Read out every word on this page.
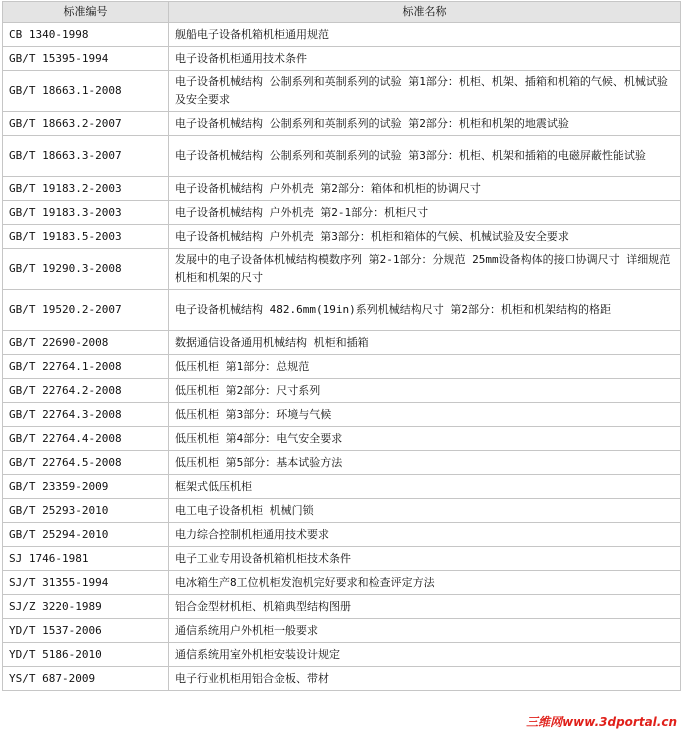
标准编号	标准名称
CB 1340-1998	舰船电子设备机箱机柜通用规范
GB/T 15395-1994	电子设备机柜通用技术条件
GB/T 18663.1-2008	电子设备机械结构 公制系列和英制系列的试验 第1部分：机柜、机架、插箱和机箱的气候、机械试验及安全要求
GB/T 18663.2-2007	电子设备机械结构 公制系列和英制系列的试验 第2部分：机柜和机架的地震试验
GB/T 18663.3-2007	电子设备机械结构 公制系列和英制系列的试验 第3部分：机柜、机架和插箱的电磁屏蔽性能试验
GB/T 19183.2-2003	电子设备机械结构 户外机壳 第2部分：箱体和机柜的协调尺寸
GB/T 19183.3-2003	电子设备机械结构 户外机壳 第2-1部分：机柜尺寸
GB/T 19183.5-2003	电子设备机械结构 户外机壳 第3部分：机柜和箱体的气候、机械试验及安全要求
GB/T 19290.3-2008	发展中的电子设备体机械结构模数序列 第2-1部分：分规范 25mm设备构体的接口协调尺寸 详细规范 机柜和机架的尺寸
GB/T 19520.2-2007	电子设备机械结构 482.6mm(19in)系列机械结构尺寸 第2部分：机柜和机架结构的格距
GB/T 22690-2008	数据通信设备通用机械结构 机柜和插箱
GB/T 22764.1-2008	低压机柜 第1部分：总规范
GB/T 22764.2-2008	低压机柜 第2部分：尺寸系列
GB/T 22764.3-2008	低压机柜 第3部分：环境与气候
GB/T 22764.4-2008	低压机柜 第4部分：电气安全要求
GB/T 22764.5-2008	低压机柜 第5部分：基本试验方法
GB/T 23359-2009	框架式低压机柜
GB/T 25293-2010	电工电子设备机柜 机械门锁
GB/T 25294-2010	电力综合控制机柜通用技术要求
SJ 1746-1981	电子工业专用设备机箱机柜技术条件
SJ/T 31355-1994	电冰箱生产8工位机柜发泡机完好要求和检查评定方法
SJ/Z 3220-1989	铝合金型材机柜、机箱典型结构图册
YD/T 1537-2006	通信系统用户外机柜一般要求
YD/T 5186-2010	通信系统用室外机柜安装设计规定
YS/T 687-2009	电子行业机柜用铝合金板、带材
三维网www.3dportal.cn
